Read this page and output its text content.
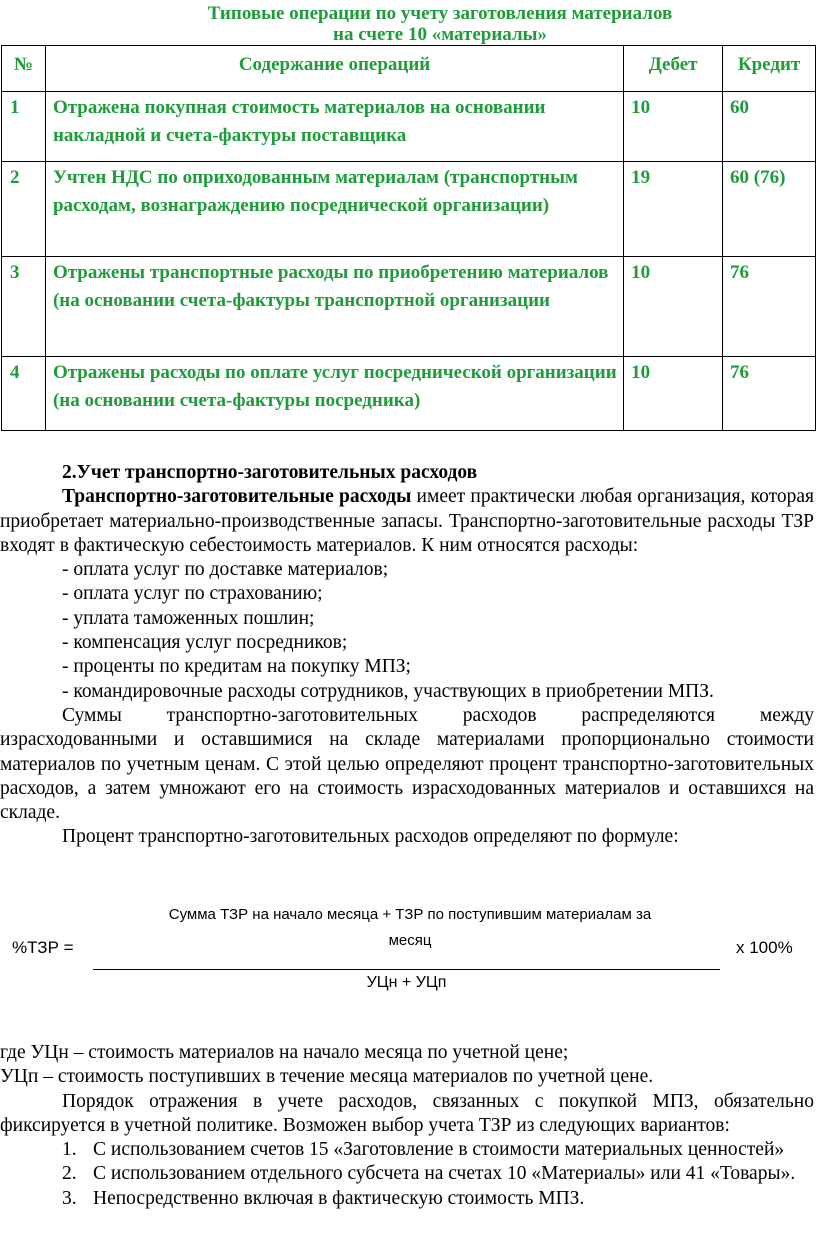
Типовые операции по учету заготовления материалов
на счете 10 «материалы»
№	Содержание операций	Дебет	Кредит

1	Отражена покупная стоимость материалов на основании накладной и счета-фактуры поставщика	10	60

2	Учтен НДС по оприходованным материалам (транспортным расходам, вознаграждению посреднической организации)	19	60 (76)

3	Отражены транспортные расходы по приобретению материалов (на основании счета-фактуры транспортной организации	10	76

4	Отражены расходы по оплате услуг посреднической организации (на основании счета-фактуры посредника)	10	76

2.Учет транспортно-заготовительных расходов

Транспортно-заготовительные расходы имеет практически любая организация, которая приобретает материально-производственные запасы. Транспортно-заготовительные расходы ТЗР входят в фактическую себестоимость материалов. К ним относятся расходы:

- оплата услуг по доставке материалов;

- оплата услуг по страхованию;

- уплата таможенных пошлин;

- компенсация услуг посредников;

- проценты по кредитам на покупку МПЗ;

- командировочные расходы сотрудников, участвующих в приобретении МПЗ.

Суммы транспортно-заготовительных расходов распределяются между израсходованными и оставшимися на складе материалами пропорционально стоимости материалов по учетным ценам. С этой целью определяют процент транспортно-заготовительных расходов, а затем умножают его на стоимость израсходованных материалов и оставшихся на складе.

Процент транспортно-заготовительных расходов определяют по формуле:

Сумма ТЗР на начало месяца + ТЗР по поступившим материалам за
месяц
%ТЗР =	х 100%
УЦн + УЦп

где УЦн – стоимость материалов на начало месяца по учетной цене;

УЦп – стоимость поступивших в течение месяца материалов по учетной цене.

Порядок отражения в учете расходов, связанных с покупкой МПЗ, обязательно фиксируется в учетной политике. Возможен выбор учета ТЗР из следующих вариантов:

1. С использованием счетов 15 «Заготовление в стоимости материальных ценностей»

2. С использованием отдельного субсчета на счетах 10 «Материалы» или 41 «Товары».

3. Непосредственно включая в фактическую стоимость МПЗ.
